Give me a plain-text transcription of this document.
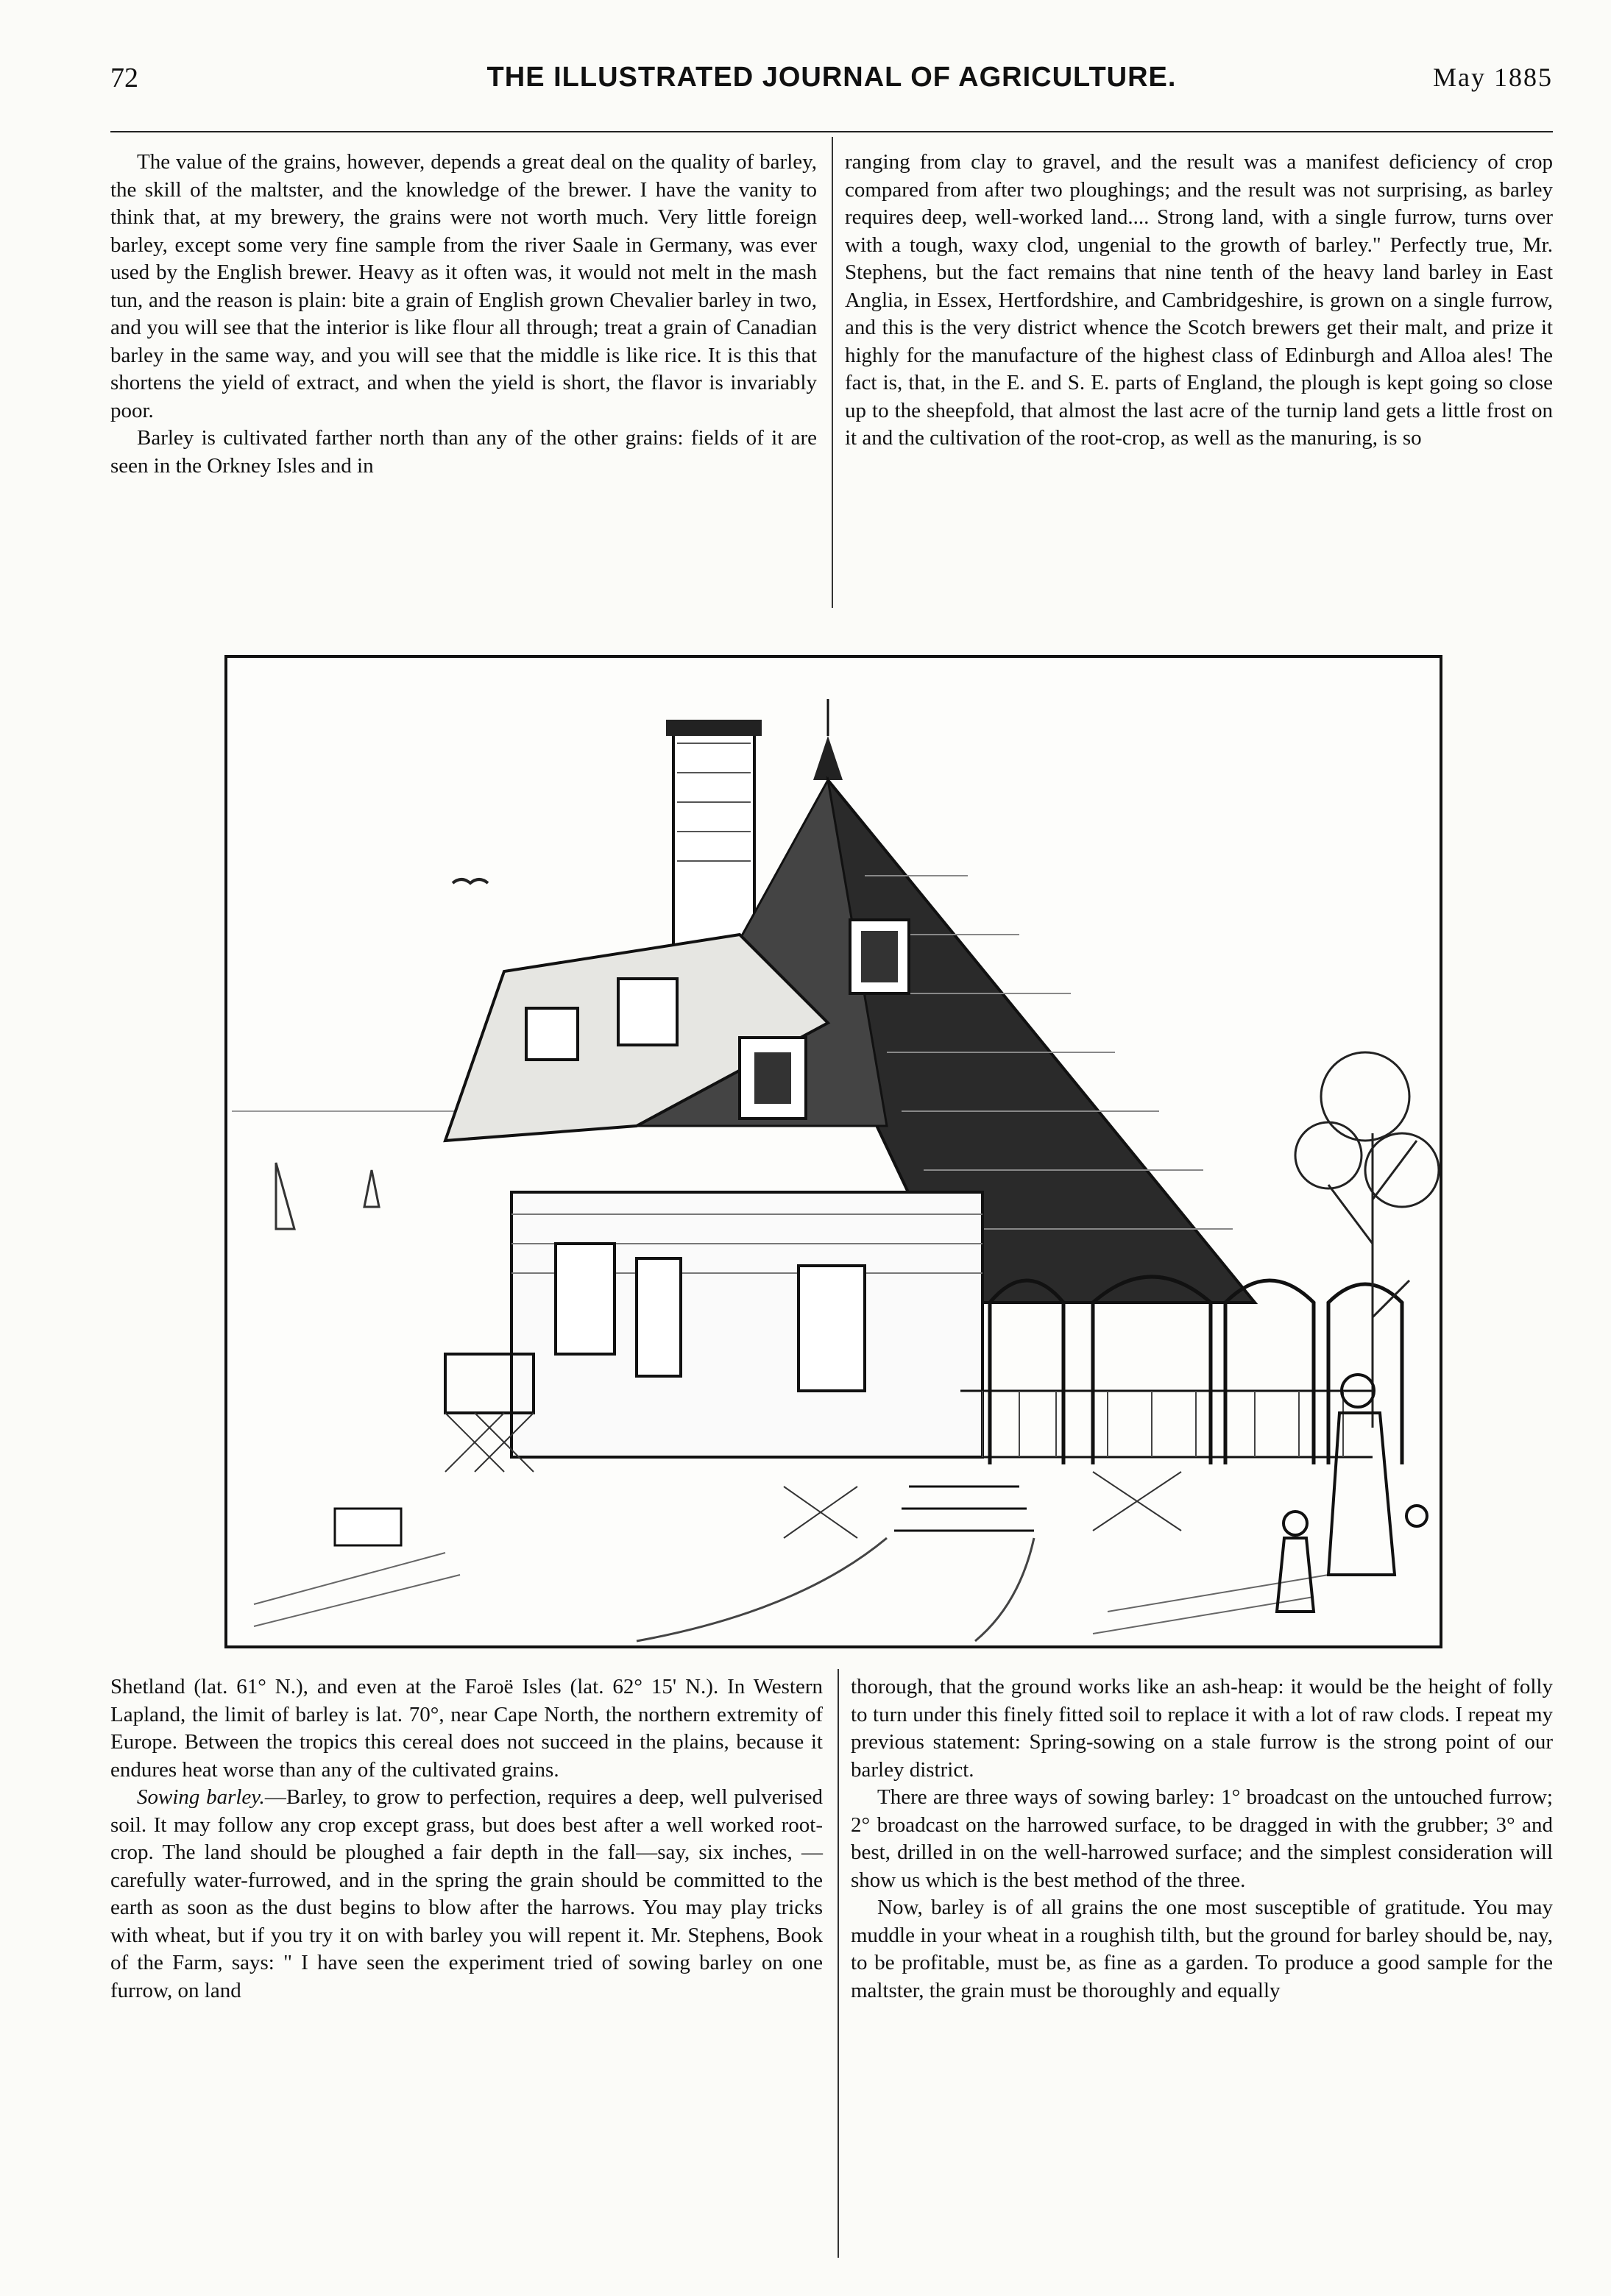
72	THE ILLUSTRATED JOURNAL OF AGRICULTURE.	May 1885

The value of the grains, however, depends a great deal on the quality of barley, the skill of the maltster, and the knowledge of the brewer. I have the vanity to think that, at my brewery, the grains were not worth much. Very little foreign barley, except some very fine sample from the river Saale in Germany, was ever used by the English brewer. Heavy as it often was, it would not melt in the mash tun, and the reason is plain: bite a grain of English grown Chevalier barley in two, and you will see that the interior is like flour all through; treat a grain of Canadian barley in the same way, and you will see that the middle is like rice. It is this that shortens the yield of extract, and when the yield is short, the flavor is invariably poor.

Barley is cultivated farther north than any of the other grains: fields of it are seen in the Orkney Isles and in

ranging from clay to gravel, and the result was a manifest deficiency of crop compared from after two ploughings; and the result was not surprising, as barley requires deep, well-worked land.... Strong land, with a single furrow, turns over with a tough, waxy clod, ungenial to the growth of barley." Perfectly true, Mr. Stephens, but the fact remains that nine tenth of the heavy land barley in East Anglia, in Essex, Hertfordshire, and Cambridgeshire, is grown on a single furrow, and this is the very district whence the Scotch brewers get their malt, and prize it highly for the manufacture of the highest class of Edinburgh and Alloa ales! The fact is, that, in the E. and S. E. parts of England, the plough is kept going so close up to the sheepfold, that almost the last acre of the turnip land gets a little frost on it and the cultivation of the root-crop, as well as the manuring, is so

Shetland (lat. 61° N.), and even at the Faroë Isles (lat. 62° 15' N.). In Western Lapland, the limit of barley is lat. 70°, near Cape North, the northern extremity of Europe. Between the tropics this cereal does not succeed in the plains, because it endures heat worse than any of the cultivated grains.

Sowing barley.—Barley, to grow to perfection, requires a deep, well pulverised soil. It may follow any crop except grass, but does best after a well worked root-crop. The land should be ploughed a fair depth in the fall—say, six inches, —carefully water-furrowed, and in the spring the grain should be committed to the earth as soon as the dust begins to blow after the harrows. You may play tricks with wheat, but if you try it on with barley you will repent it. Mr. Stephens, Book of the Farm, says: " I have seen the experiment tried of sowing barley on one furrow, on land

thorough, that the ground works like an ash-heap: it would be the height of folly to turn under this finely fitted soil to replace it with a lot of raw clods. I repeat my previous statement: Spring-sowing on a stale furrow is the strong point of our barley district.

There are three ways of sowing barley: 1° broadcast on the untouched furrow; 2° broadcast on the harrowed surface, to be dragged in with the grubber; 3° and best, drilled in on the well-harrowed surface; and the simplest consideration will show us which is the best method of the three.

Now, barley is of all grains the one most susceptible of gratitude. You may muddle in your wheat in a roughish tilth, but the ground for barley should be, nay, to be profitable, must be, as fine as a garden. To produce a good sample for the maltster, the grain must be thoroughly and equally
